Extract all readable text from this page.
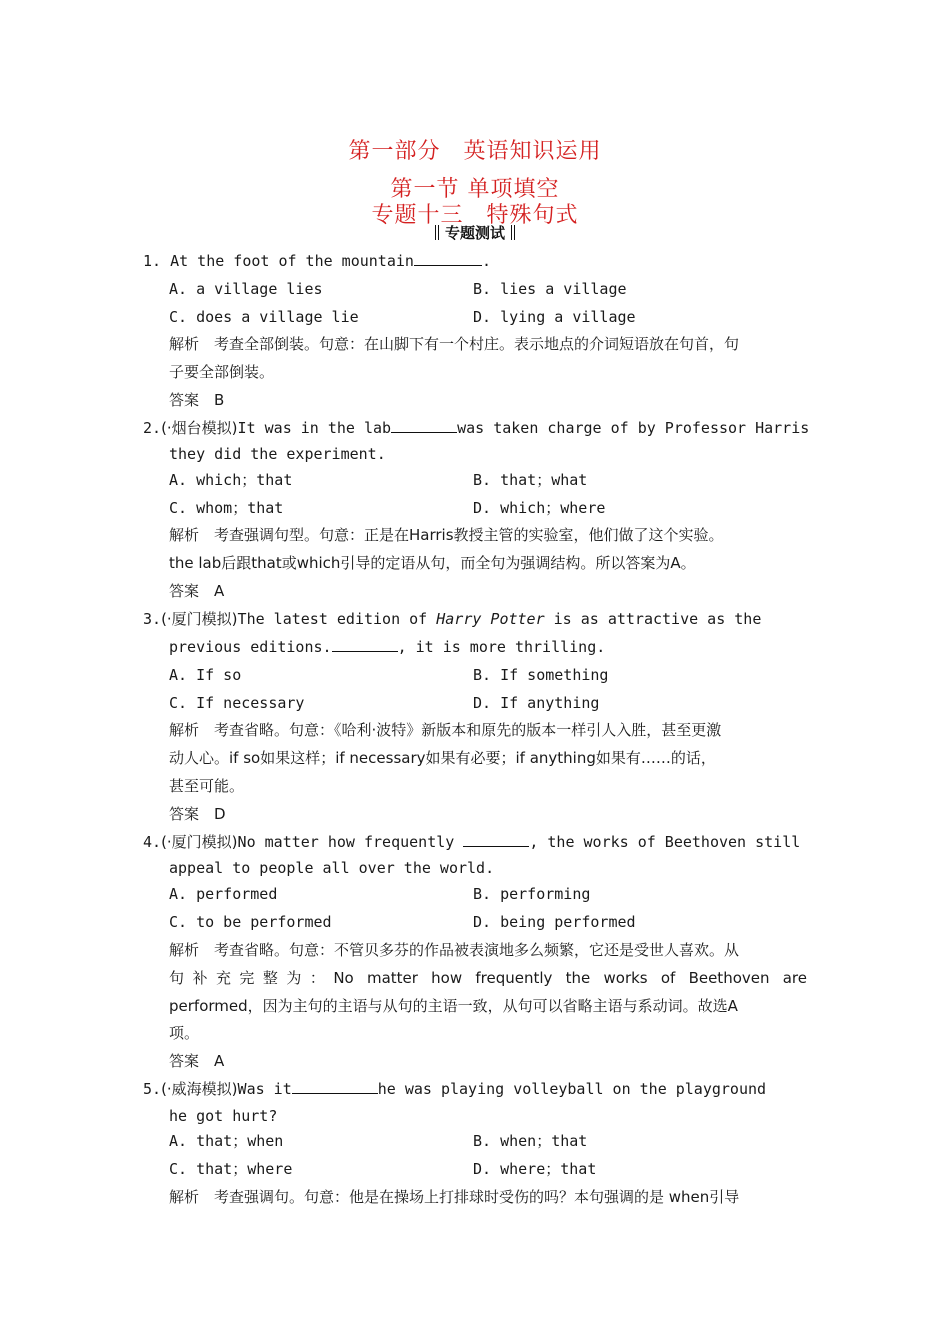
第一部分　英语知识运用
第一节 单项填空
专题十三　特殊句式
专题测试
1. At the foot of the mountain	.
A. a village lies	B. lies a village
C. does a village lie	D. lying a village
解析　考查全部倒装。句意：在山脚下有一个村庄。表示地点的介词短语放在句首，句
子要全部倒装。
答案　B
2.(·烟台模拟)It was in the lab	was taken charge of by Professor Harris
they did the experiment.
A. which；that	B. that；what
C. whom；that	D. which；where
解析　考查强调句型。句意：正是在Harris教授主管的实验室，他们做了这个实验。
the lab后跟that或which引导的定语从句，而全句为强调结构。所以答案为A。
答案　A
3.(·厦门模拟)The latest edition of Harry Potter is as attractive as the
previous editions.	, it is more thrilling.
A. If so	B. If something
C. If necessary	D. If anything
解析　考查省略。句意：《哈利·波特》新版本和原先的版本一样引人入胜，甚至更激
动人心。if so如果这样；if necessary如果有必要；if anything如果有……的话，
甚至可能。
答案　D
4.(·厦门模拟)No matter how frequently	, the works of Beethoven still
appeal to people all over the world.
A. performed	B. performing
C. to be performed	D. being performed
解析　考查省略。句意：不管贝多芬的作品被表演地多么频繁，它还是受世人喜欢。从
句补充完整为：No matter how frequently the works of Beethoven are
performed，因为主句的主语与从句的主语一致，从句可以省略主语与系动词。故选A
项。
答案　A
5.(·威海模拟)Was it	he was playing volleyball on the playground
he got hurt?
A. that；when	B. when；that
C. that；where	D. where；that
解析　考查强调句。句意：他是在操场上打排球时受伤的吗？本句强调的是 when引导
